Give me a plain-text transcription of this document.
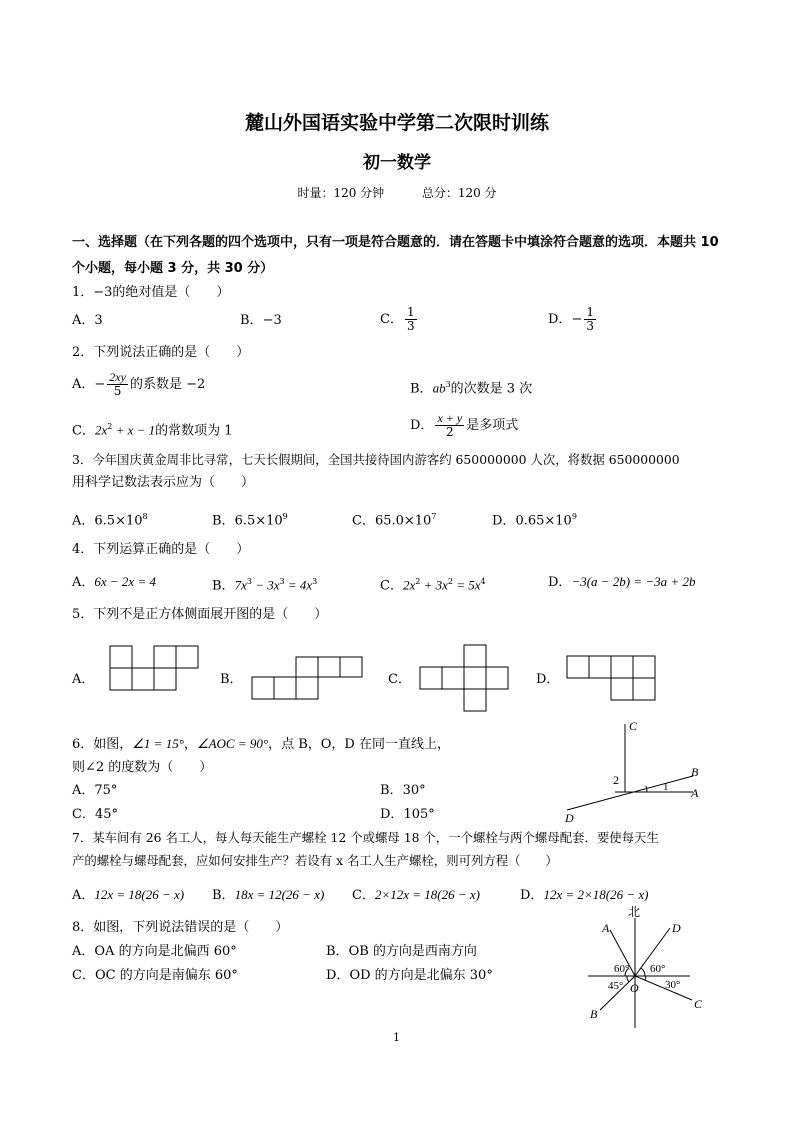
麓山外国语实验中学第二次限时训练
初一数学
时量：120 分钟	总分：120 分
一、选择题（在下列各题的四个选项中，只有一项是符合题意的．请在答题卡中填涂符合题意的选项．本题共 10 个小题，每小题 3 分，共 30 分）
1．−3的绝对值是（　　）
A．3	B．−3	C． $\frac{1}{3}$	D．− $\frac{1}{3}$
2．下列说法正确的是（　　）
A．− $\frac{2xy}{5}$ 的系数是 −2	B．$ab^3$的次数是 3 次
C．$2x^2 + x - 1$的常数项为 1	D． $\frac{x + y}{2}$ 是多项式
3．今年国庆黄金周非比寻常，七天长假期间，全国共接待国内游客约 650000000 人次，将数据 650000000
用科学记数法表示应为（　　）
A．$6.5\times 10^8$	B．$6.5\times 10^9$	C．$65.0\times 10^7$	D．$0.65\times 10^9$
4．下列运算正确的是（　　）
A．6x − 2x = 4	B．$7x^3 - 3x^3 = 4x^3$	C．$2x^2 + 3x^2 = 5x^4$	D．−3(a − 2b) = −3a + 2b
5．下列不是正方体侧面展开图的是（　　）
A．	B．	C．	D．
6．如图，∠1 = 15°，∠AOC = 90°，点 B，O，D 在同一直线上，
则∠2 的度数为（　　）
A．75°	B．30°
C．45°	D．105°
C
B
A
D
1
2
7．某车间有 26 名工人，每人每天能生产螺栓 12 个或螺母 18 个，一个螺栓与两个螺母配套．要使每天生
产的螺栓与螺母配套，应如何安排生产？若设有 x 名工人生产螺栓，则可列方程（　　）
A．12x = 18(26 − x) B．18x = 12(26 − x) C．2×12x = 18(26 − x)	D．12x = 2×18(26 − x)
8．如图，下列说法错误的是（　　）
A．OA 的方向是北偏西 60°	B．OB 的方向是西南方向
C．OC 的方向是南偏东 60°	D．OD 的方向是北偏东 30°
北
A	D
B
C
O
60° 60°
45°	30°
1
